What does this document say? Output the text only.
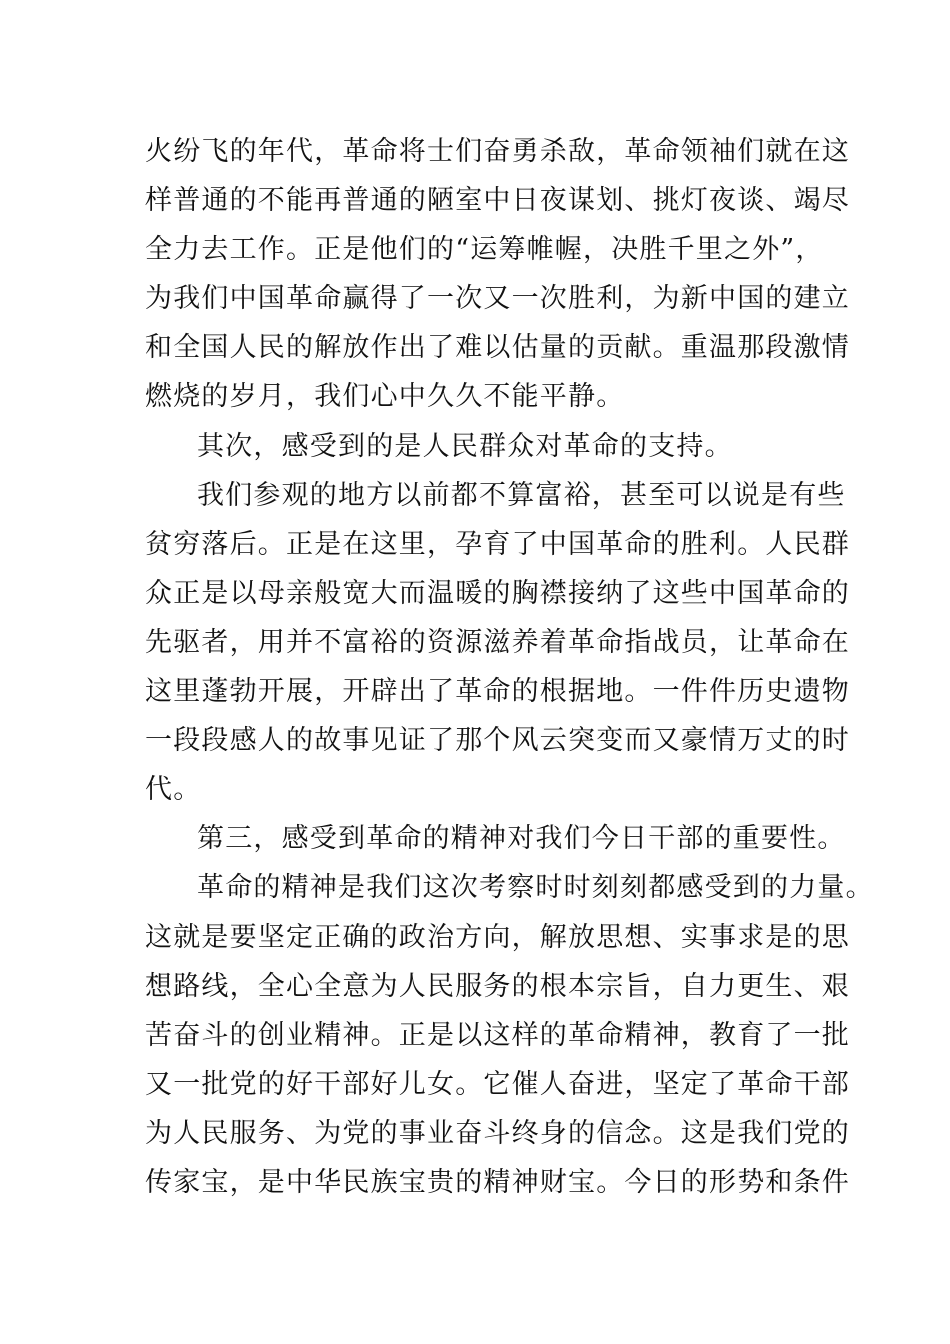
火纷飞的年代，革命将士们奋勇杀敌，革命领袖们就在这
样普通的不能再普通的陋室中日夜谋划、挑灯夜谈、竭尽
全力去工作。正是他们的“运筹帷幄，决胜千里之外”，
为我们中国革命赢得了一次又一次胜利，为新中国的建立
和全国人民的解放作出了难以估量的贡献。重温那段激情
燃烧的岁月，我们心中久久不能平静。
其次，感受到的是人民群众对革命的支持。
我们参观的地方以前都不算富裕，甚至可以说是有些
贫穷落后。正是在这里，孕育了中国革命的胜利。人民群
众正是以母亲般宽大而温暖的胸襟接纳了这些中国革命的
先驱者，用并不富裕的资源滋养着革命指战员，让革命在
这里蓬勃开展，开辟出了革命的根据地。一件件历史遗物
一段段感人的故事见证了那个风云突变而又豪情万丈的时
代。
第三，感受到革命的精神对我们今日干部的重要性。
革命的精神是我们这次考察时时刻刻都感受到的力量。
这就是要坚定正确的政治方向，解放思想、实事求是的思
想路线，全心全意为人民服务的根本宗旨，自力更生、艰
苦奋斗的创业精神。正是以这样的革命精神，教育了一批
又一批党的好干部好儿女。它催人奋进，坚定了革命干部
为人民服务、为党的事业奋斗终身的信念。这是我们党的
传家宝，是中华民族宝贵的精神财宝。今日的形势和条件
